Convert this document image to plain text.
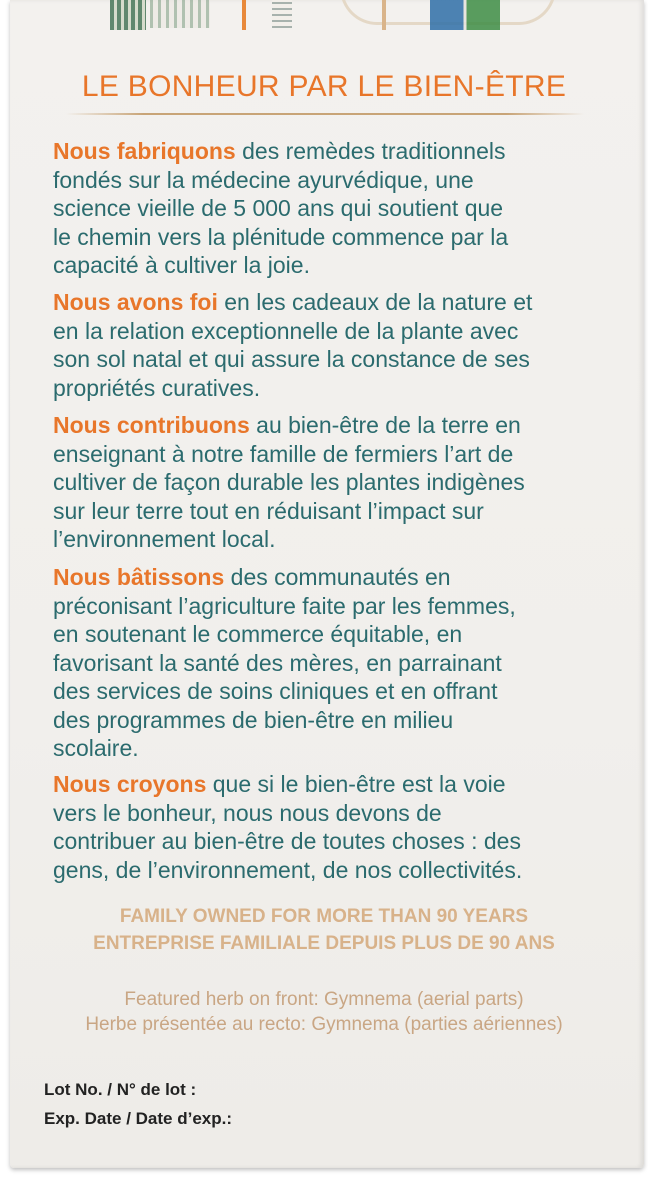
LE BONHEUR PAR LE BIEN-ÊTRE

Nous fabriquons des remèdes traditionnels
fondés sur la médecine ayurvédique, une
science vieille de 5 000 ans qui soutient que
le chemin vers la plénitude commence par la
capacité à cultiver la joie.

Nous avons foi en les cadeaux de la nature et
en la relation exceptionnelle de la plante avec
son sol natal et qui assure la constance de ses
propriétés curatives.

Nous contribuons au bien-être de la terre en
enseignant à notre famille de fermiers l’art de
cultiver de façon durable les plantes indigènes
sur leur terre tout en réduisant l’impact sur
l’environnement local.

Nous bâtissons des communautés en
préconisant l’agriculture faite par les femmes,
en soutenant le commerce équitable, en
favorisant la santé des mères, en parrainant
des services de soins cliniques et en offrant
des programmes de bien-être en milieu
scolaire.

Nous croyons que si le bien-être est la voie
vers le bonheur, nous nous devons de
contribuer au bien-être de toutes choses : des
gens, de l’environnement, de nos collectivités.

FAMILY OWNED FOR MORE THAN 90 YEARS

ENTREPRISE FAMILIALE DEPUIS PLUS DE 90 ANS

Featured herb on front: Gymnema (aerial parts)

Herbe présentée au recto: Gymnema (parties aériennes)

Lot No. / N° de lot :

Exp. Date / Date d’exp.:
